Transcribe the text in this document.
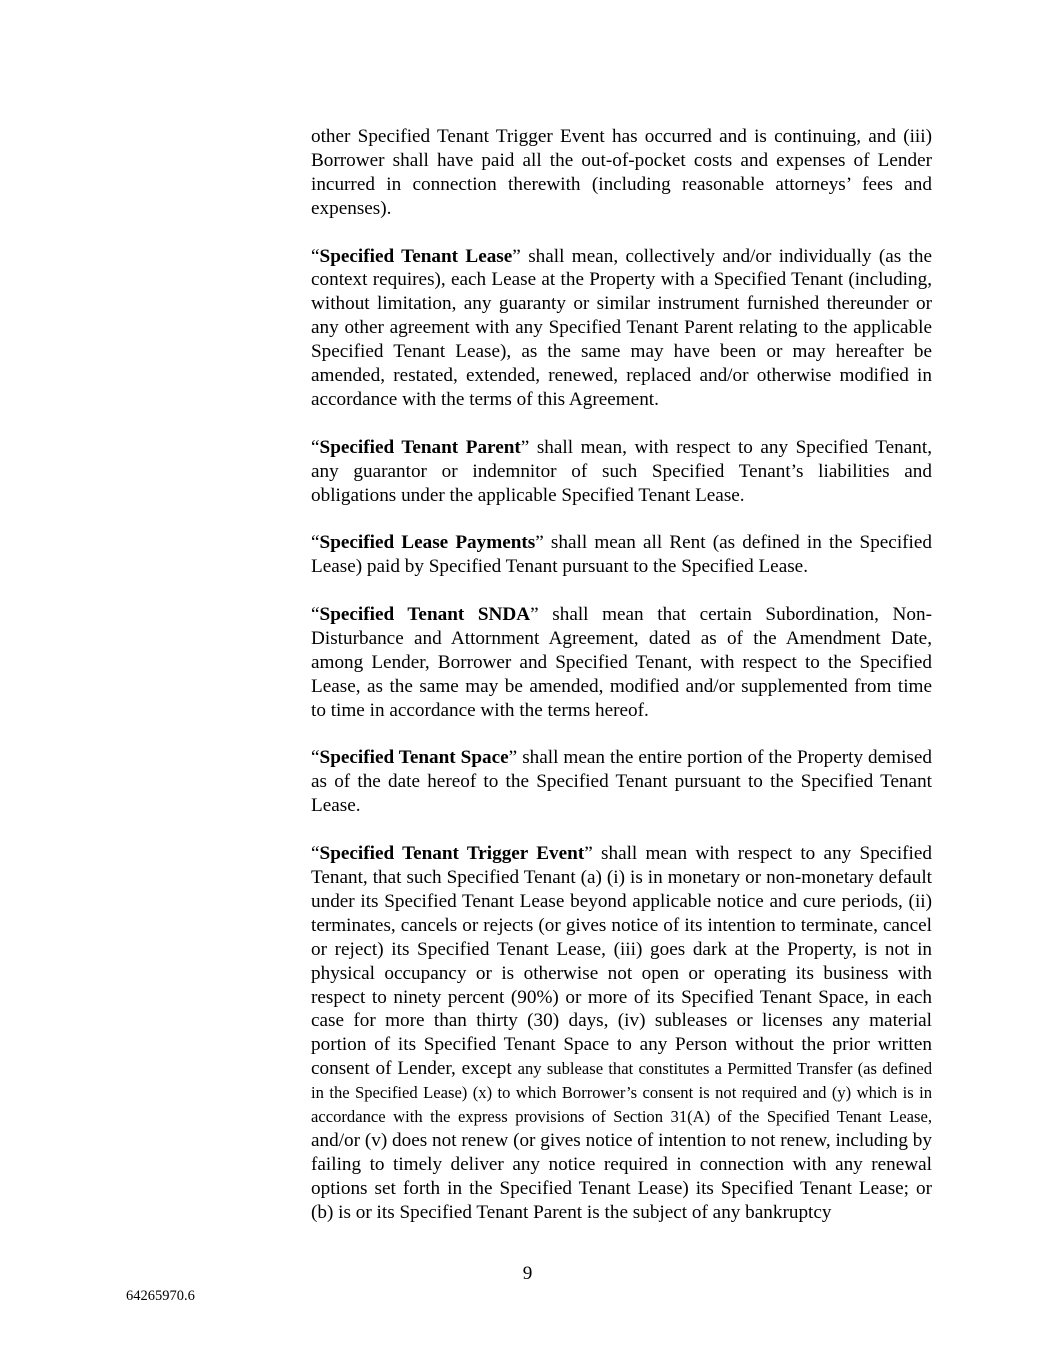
other Specified Tenant Trigger Event has occurred and is continuing, and (iii) Borrower shall have paid all the out-of-pocket costs and expenses of Lender incurred in connection therewith (including reasonable attorneys’ fees and expenses).

“Specified Tenant Lease” shall mean, collectively and/or individually (as the context requires), each Lease at the Property with a Specified Tenant (including, without limitation, any guaranty or similar instrument furnished thereunder or any other agreement with any Specified Tenant Parent relating to the applicable Specified Tenant Lease), as the same may have been or may hereafter be amended, restated, extended, renewed, replaced and/or otherwise modified in accordance with the terms of this Agreement.

“Specified Tenant Parent” shall mean, with respect to any Specified Tenant, any guarantor or indemnitor of such Specified Tenant’s liabilities and obligations under the applicable Specified Tenant Lease.

“Specified Lease Payments” shall mean all Rent (as defined in the Specified Lease) paid by Specified Tenant pursuant to the Specified Lease.

“Specified Tenant SNDA” shall mean that certain Subordination, Non-Disturbance and Attornment Agreement, dated as of the Amendment Date, among Lender, Borrower and Specified Tenant, with respect to the Specified Lease, as the same may be amended, modified and/or supplemented from time to time in accordance with the terms hereof.

“Specified Tenant Space” shall mean the entire portion of the Property demised as of the date hereof to the Specified Tenant pursuant to the Specified Tenant Lease.

“Specified Tenant Trigger Event” shall mean with respect to any Specified Tenant, that such Specified Tenant (a) (i) is in monetary or non-monetary default under its Specified Tenant Lease beyond applicable notice and cure periods, (ii) terminates, cancels or rejects (or gives notice of its intention to terminate, cancel or reject) its Specified Tenant Lease, (iii) goes dark at the Property, is not in physical occupancy or is otherwise not open or operating its business with respect to ninety percent (90%) or more of its Specified Tenant Space, in each case for more than thirty (30) days, (iv) subleases or licenses any material portion of its Specified Tenant Space to any Person without the prior written consent of Lender, except any sublease that constitutes a Permitted Transfer (as defined in the Specified Lease) (x) to which Borrower’s consent is not required and (y) which is in accordance with the express provisions of Section 31(A) of the Specified Tenant Lease, and/or (v) does not renew (or gives notice of intention to not renew, including by failing to timely deliver any notice required in connection with any renewal options set forth in the Specified Tenant Lease) its Specified Tenant Lease; or (b) is or its Specified Tenant Parent is the subject of any bankruptcy

9
64265970.6
